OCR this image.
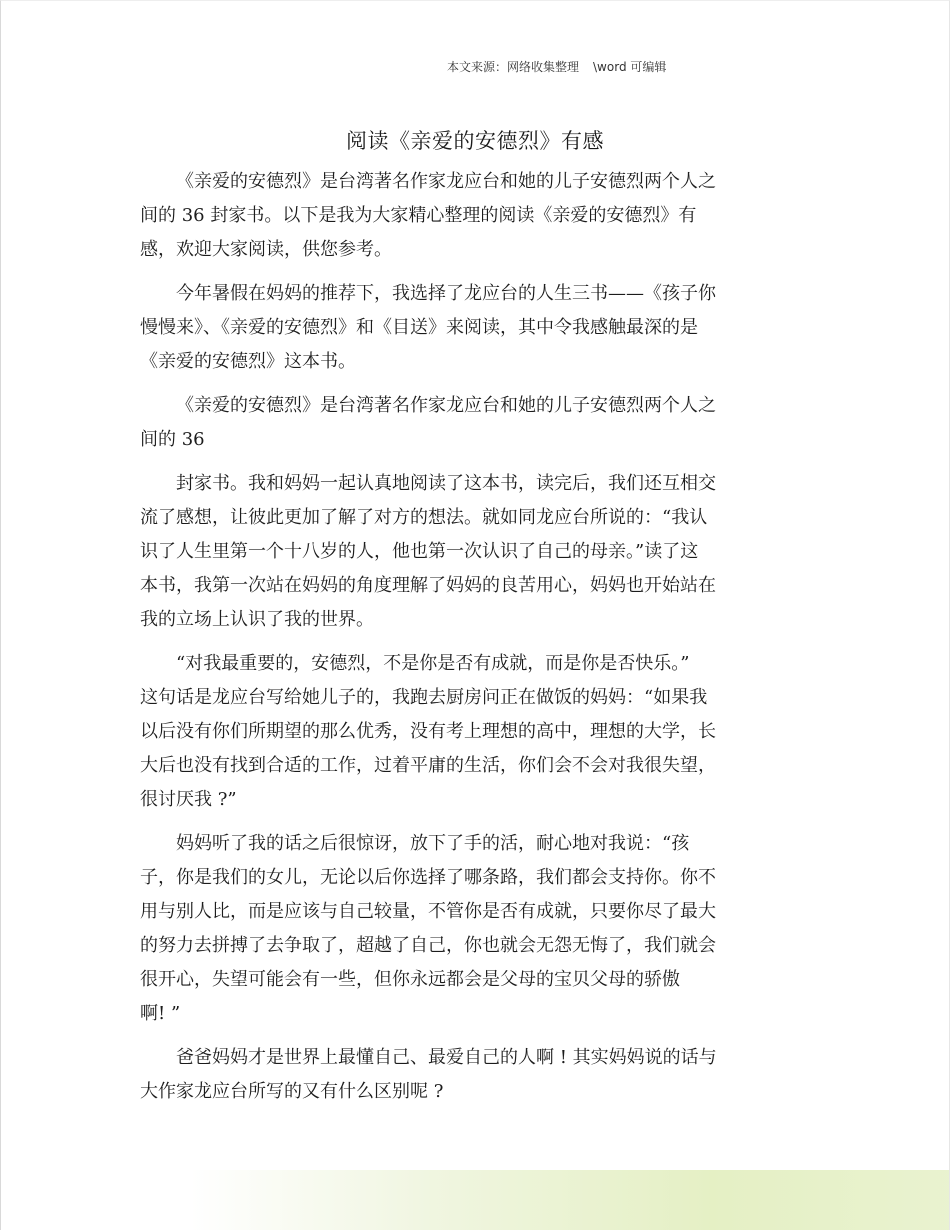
本文来源：网络收集整理 \word 可编辑
阅读《亲爱的安德烈》有感

《亲爱的安德烈》是台湾著名作家龙应台和她的儿子安德烈两个人之
间的 36 封家书。以下是我为大家精心整理的阅读《亲爱的安德烈》有
感，欢迎大家阅读，供您参考。

今年暑假在妈妈的推荐下，我选择了龙应台的人生三书——《孩子你
慢慢来》、《亲爱的安德烈》和《目送》来阅读，其中令我感触最深的是
《亲爱的安德烈》这本书。

《亲爱的安德烈》是台湾著名作家龙应台和她的儿子安德烈两个人之
间的 36

封家书。我和妈妈一起认真地阅读了这本书，读完后，我们还互相交
流了感想，让彼此更加了解了对方的想法。就如同龙应台所说的：“我认
识了人生里第一个十八岁的人，他也第一次认识了自己的母亲。”读了这
本书，我第一次站在妈妈的角度理解了妈妈的良苦用心，妈妈也开始站在
我的立场上认识了我的世界。

“对我最重要的，安德烈，不是你是否有成就，而是你是否快乐。”
这句话是龙应台写给她儿子的，我跑去厨房问正在做饭的妈妈：“如果我
以后没有你们所期望的那么优秀，没有考上理想的高中，理想的大学，长
大后也没有找到合适的工作，过着平庸的生活，你们会不会对我很失望，
很讨厌我 ?”

妈妈听了我的话之后很惊讶，放下了手的活，耐心地对我说：“孩
子，你是我们的女儿，无论以后你选择了哪条路，我们都会支持你。你不
用与别人比，而是应该与自己较量，不管你是否有成就，只要你尽了最大
的努力去拼搏了去争取了，超越了自己，你也就会无怨无悔了，我们就会
很开心，失望可能会有一些，但你永远都会是父母的宝贝父母的骄傲
啊! ”

爸爸妈妈才是世界上最懂自己、最爱自己的人啊 ! 其实妈妈说的话与
大作家龙应台所写的又有什么区别呢 ?
